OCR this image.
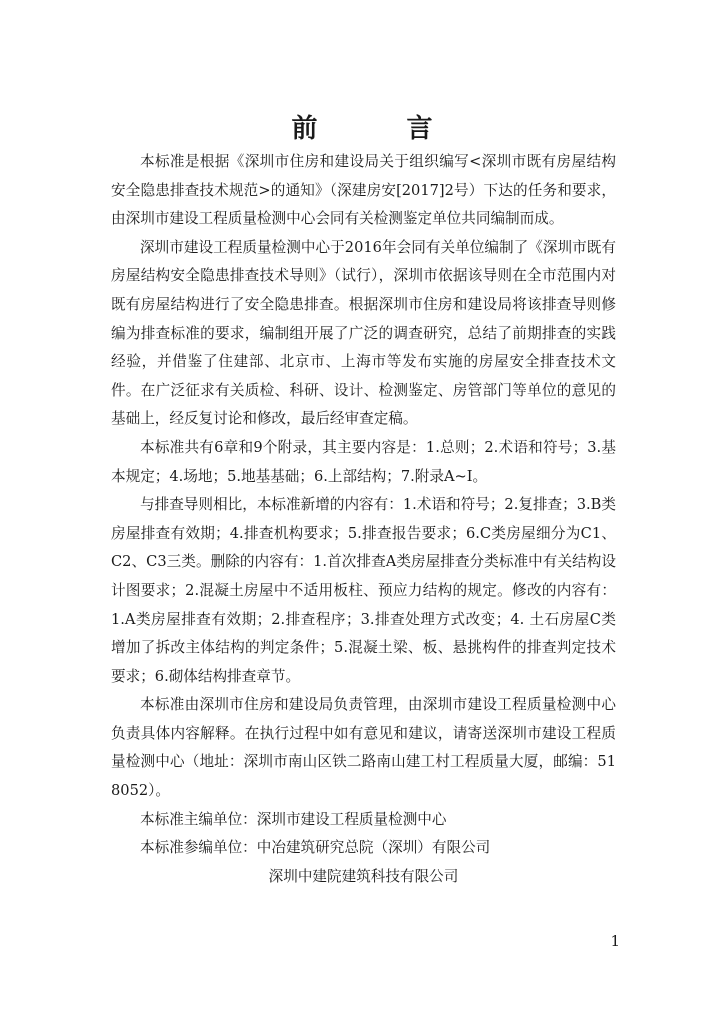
前 言

本标准是根据《深圳市住房和建设局关于组织编写<深圳市既有房屋结构安全隐患排查技术规范>的通知》（深建房安[2017]2号）下达的任务和要求，由深圳市建设工程质量检测中心会同有关检测鉴定单位共同编制而成。

深圳市建设工程质量检测中心于2016年会同有关单位编制了《深圳市既有房屋结构安全隐患排查技术导则》（试行），深圳市依据该导则在全市范围内对既有房屋结构进行了安全隐患排查。根据深圳市住房和建设局将该排查导则修编为排查标准的要求，编制组开展了广泛的调查研究，总结了前期排查的实践经验，并借鉴了住建部、北京市、上海市等发布实施的房屋安全排查技术文件。在广泛征求有关质检、科研、设计、检测鉴定、房管部门等单位的意见的基础上，经反复讨论和修改，最后经审查定稿。

本标准共有6章和9个附录，其主要内容是：1.总则；2.术语和符号；3.基本规定；4.场地；5.地基基础；6.上部结构；7.附录A~I。

与排查导则相比，本标准新增的内容有：1.术语和符号；2.复排查；3.B类房屋排查有效期；4.排查机构要求；5.排查报告要求；6.C类房屋细分为C1、C2、C3三类。删除的内容有：1.首次排查A类房屋排查分类标准中有关结构设计图要求；2.混凝土房屋中不适用板柱、预应力结构的规定。修改的内容有：1.A类房屋排查有效期；2.排查程序；3.排查处理方式改变；4. 土石房屋C类增加了拆改主体结构的判定条件；5.混凝土梁、板、悬挑构件的排查判定技术要求；6.砌体结构排查章节。

本标准由深圳市住房和建设局负责管理，由深圳市建设工程质量检测中心负责具体内容解释。在执行过程中如有意见和建议，请寄送深圳市建设工程质量检测中心（地址：深圳市南山区铁二路南山建工村工程质量大厦，邮编：518052）。

本标准主编单位：深圳市建设工程质量检测中心

本标准参编单位：中冶建筑研究总院（深圳）有限公司

深圳中建院建筑科技有限公司

1
